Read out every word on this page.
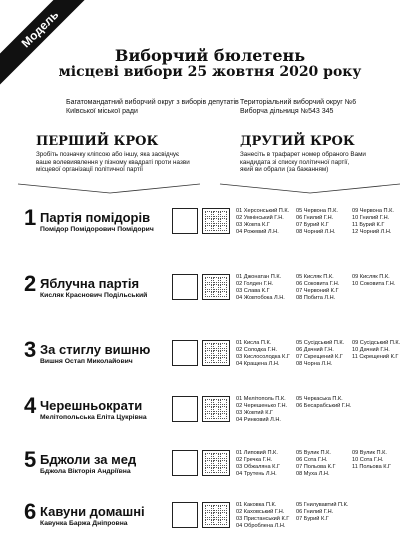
Модель
Виборчий бюлетень
місцеві вибори 25 жовтня 2020 року
Багатомандатний виборчий округ з виборів депутатів
Київської міської ради
Територіальний виборчий округ №6
Виборча дільниця №543 345
ПЕРШИЙ КРОК
Зробіть позначку кліпсою або іншу, яка засвідчує
ваше волевиявлення у пізному квадраті проти назви
місцевої організації політичної партії
ДРУГИЙ КРОК
Занесіть в трафарет номер обраного Вами
кандидата зі списку політичної партії,
який ви обрали (за бажанням)
1 Партія помідорів
Помідор Помідорович Помідорич
01 Херсонський П.К.
02 Умнінський Г.Н.
03 Жовта К.Г
04 Рожевий Л.Н.
05 Червона П.К.
06 Гнилий Г.Н.
07 Бурий К.Г
08 Чорний Л.Н.
09 Червона П.К.
10 Гнилий Г.Н.
11 Бурий К.Г
12 Чорний Л.Н.
2 Яблучна партія
Кисляк Краснович Подільський
01 Джонатан П.К.
02 Голден Г.Н.
03 Слава К.Г
04 Жовтобока Л.Н.
05 Кисляк П.К.
06 Соковита Г.Н.
07 Червоний К.Г
08 Побита Л.Н.
09 Кисляк П.К.
10 Соковита Г.Н.
3 За стиглу вишню
Вишня Остап Миколайович
01 Кисла П.К.
02 Солодка Г.Н.
03 Кислосолодка К.Г
04 Кращена Л.Н.
05 Сусідський П.К.
06 Дачний Г.Н.
07 Скрещений К.Г
08 Чорна Л.Н.
09 Сусідський П.К.
10 Дачний Г.Н.
11 Скрещений К.Г
4 Черешньократи
Мелітопольська Еліта Цукрівна
01 Мелітополь П.К.
02 Черешенько Г.Н.
03 Жовтий К.Г
04 Ринковий Л.Н.
05 Черкаська П.К.
06 Бесарабський Г.Н.
5 Бджоли за мед
Бджола Вікторія Андріївна
01 Липовий П.К.
02 Гречка Г.Н.
03 Обжаляна К.Г
04 Трутень Л.Н.
05 Вулик П.К.
06 Сота Г.Н.
07 Польова К.Г
08 Муха Л.Н.
09 Вулик П.К.
10 Сота Г.Н.
11 Польова К.Г
6 Кавуни домашні
Кавунка Баржа Дніпровна
01 Каковка П.К.
02 Каховський Г.Н.
03 Пристанський К.Г
04 Оброблена Л.Н.
05 Гнилувавтий П.К.
06 Гнилий Г.Н.
07 Бурий К.Г
